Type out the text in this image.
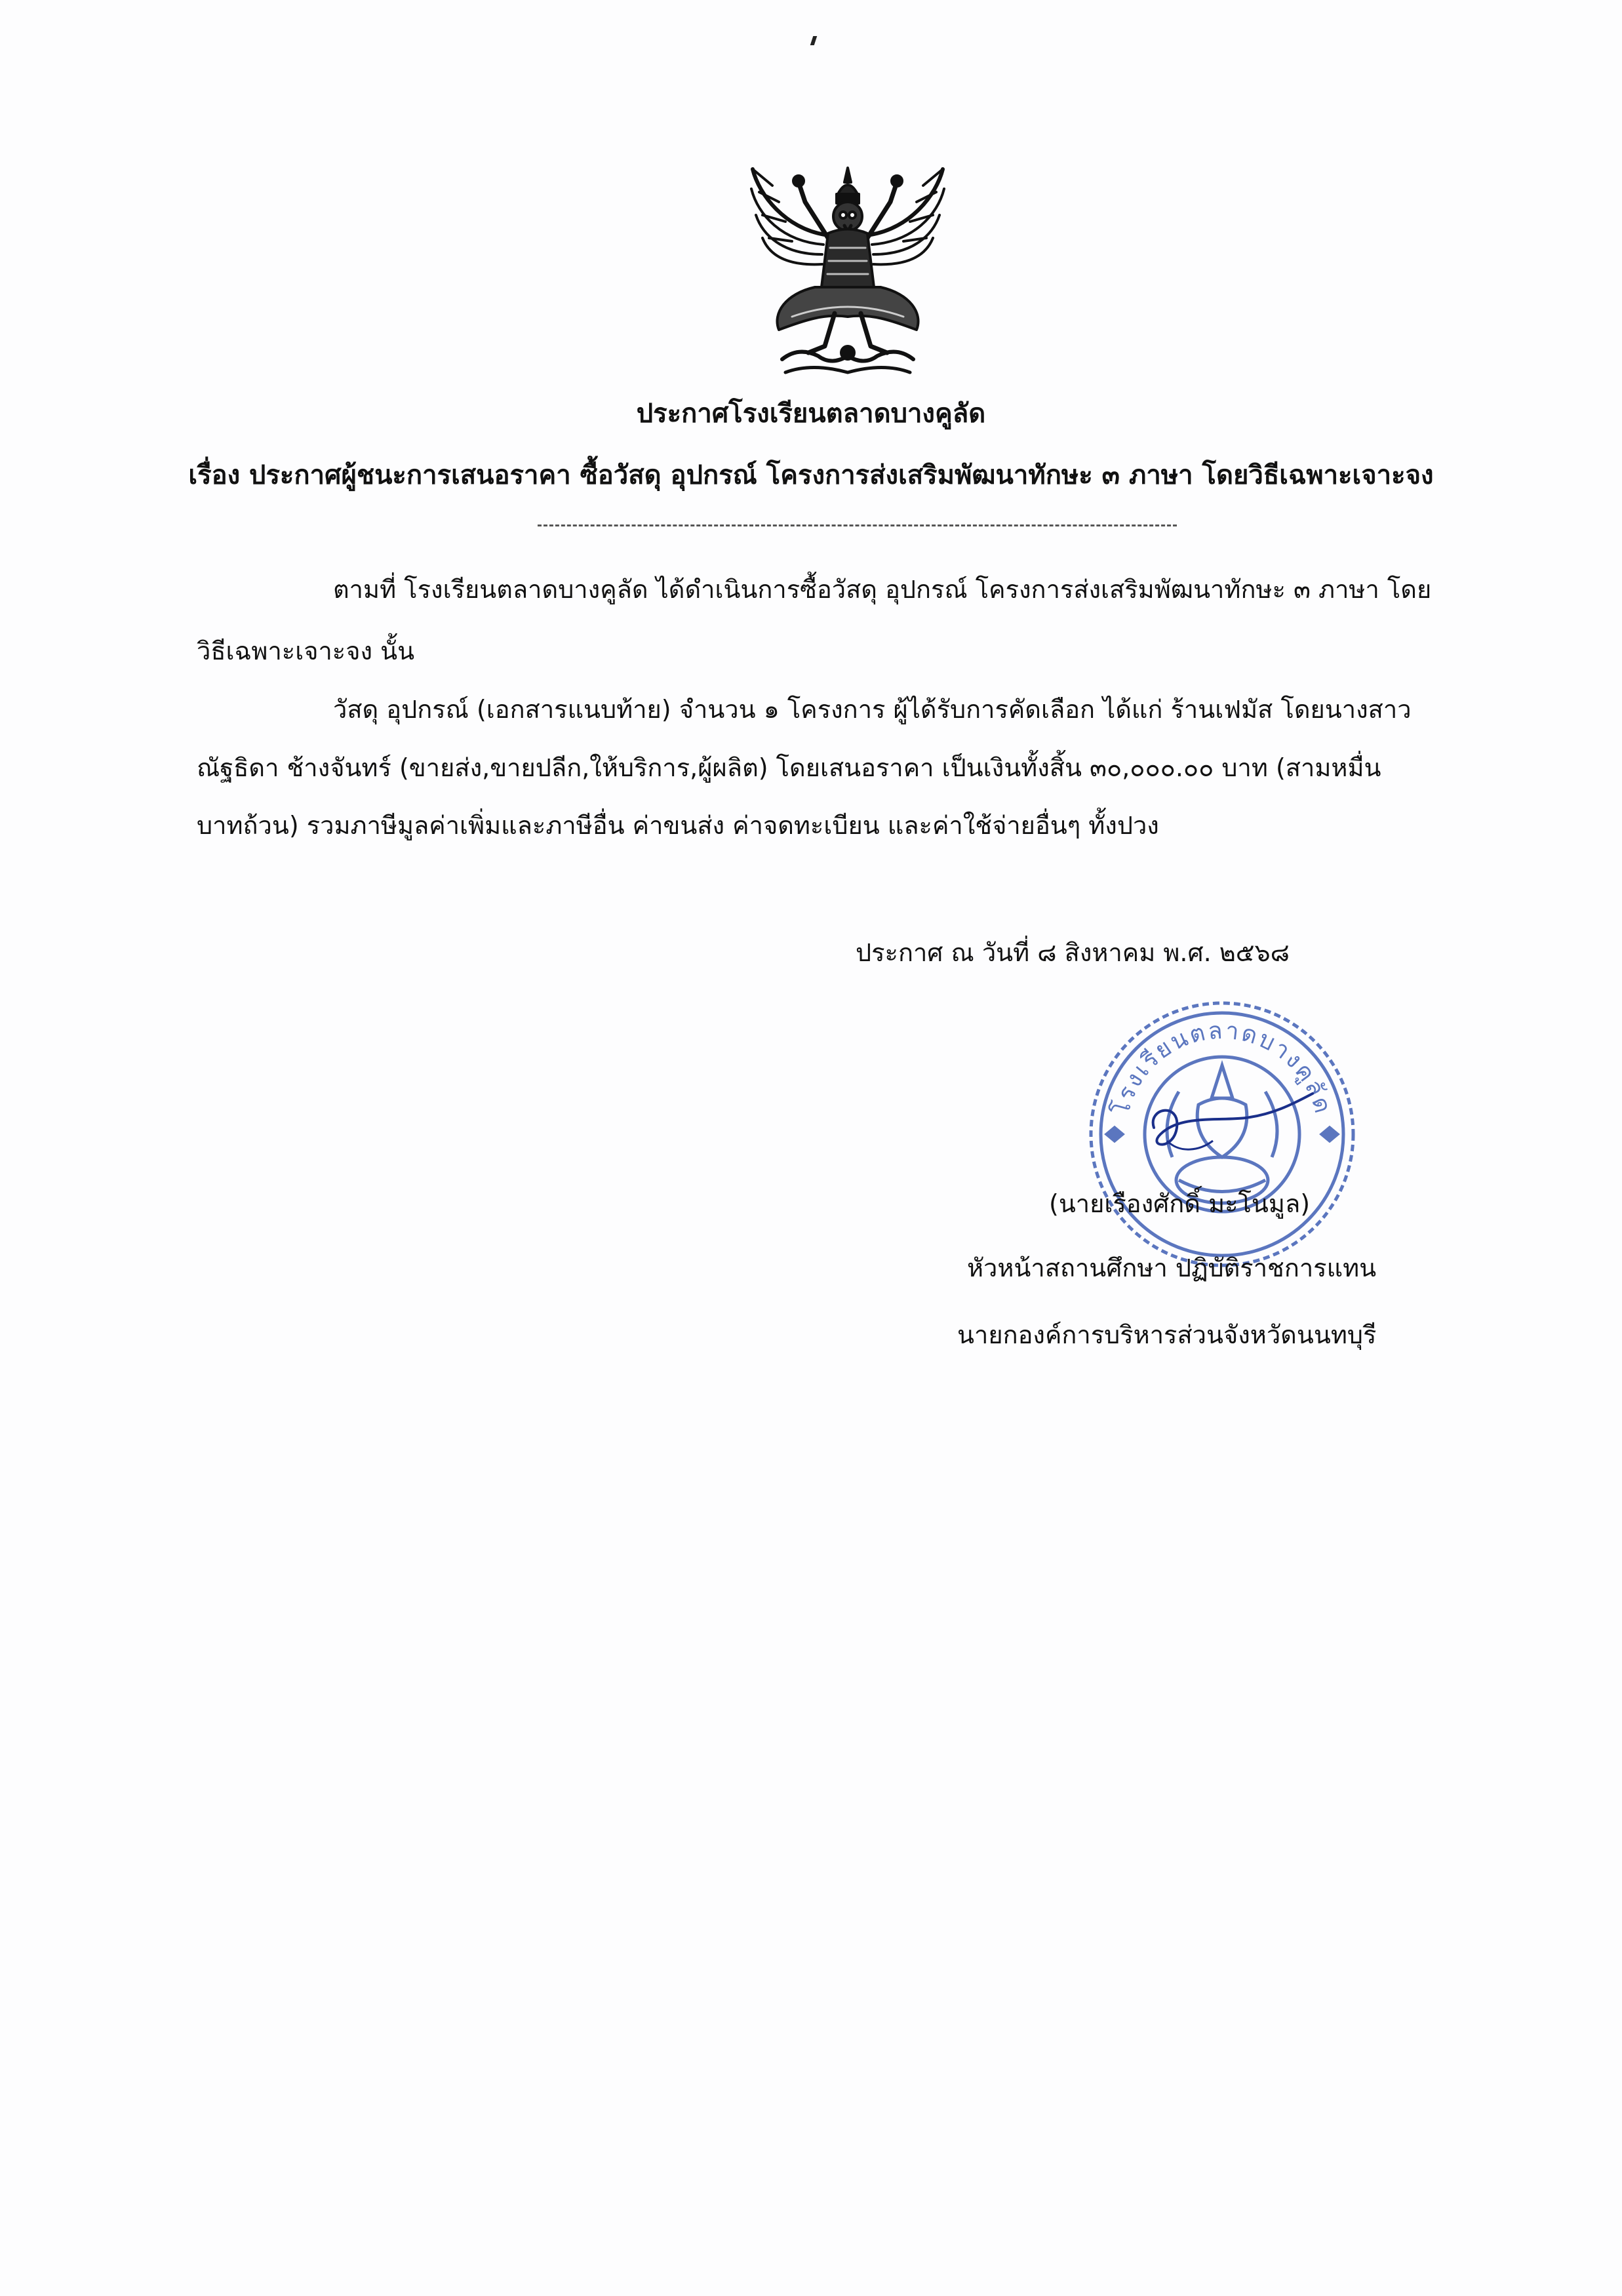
ประกาศโรงเรียนตลาดบางคูลัด
เรื่อง ประกาศผู้ชนะการเสนอราคา ซื้อวัสดุ อุปกรณ์ โครงการส่งเสริมพัฒนาทักษะ ๓ ภาษา โดยวิธีเฉพาะเจาะจง
ตามที่ โรงเรียนตลาดบางคูลัด ได้ดำเนินการซื้อวัสดุ อุปกรณ์ โครงการส่งเสริมพัฒนาทักษะ ๓ ภาษา โดย
วิธีเฉพาะเจาะจง นั้น
วัสดุ อุปกรณ์ (เอกสารแนบท้าย) จำนวน ๑ โครงการ ผู้ได้รับการคัดเลือก ได้แก่ ร้านเฟมัส โดยนางสาว
ณัฐธิดา ช้างจันทร์ (ขายส่ง,ขายปลีก,ให้บริการ,ผู้ผลิต) โดยเสนอราคา เป็นเงินทั้งสิ้น ๓๐,๐๐๐.๐๐ บาท (สามหมื่น
บาทถ้วน) รวมภาษีมูลค่าเพิ่มและภาษีอื่น ค่าขนส่ง ค่าจดทะเบียน และค่าใช้จ่ายอื่นๆ ทั้งปวง
ประกาศ ณ วันที่ ๘ สิงหาคม พ.ศ. ๒๕๖๘
โรงเรียนตลาดบางคูลัด
(นายเรืองศักดิ์ มะโนมูล)
หัวหน้าสถานศึกษา ปฏิบัติราชการแทน
นายกองค์การบริหารส่วนจังหวัดนนทบุรี
